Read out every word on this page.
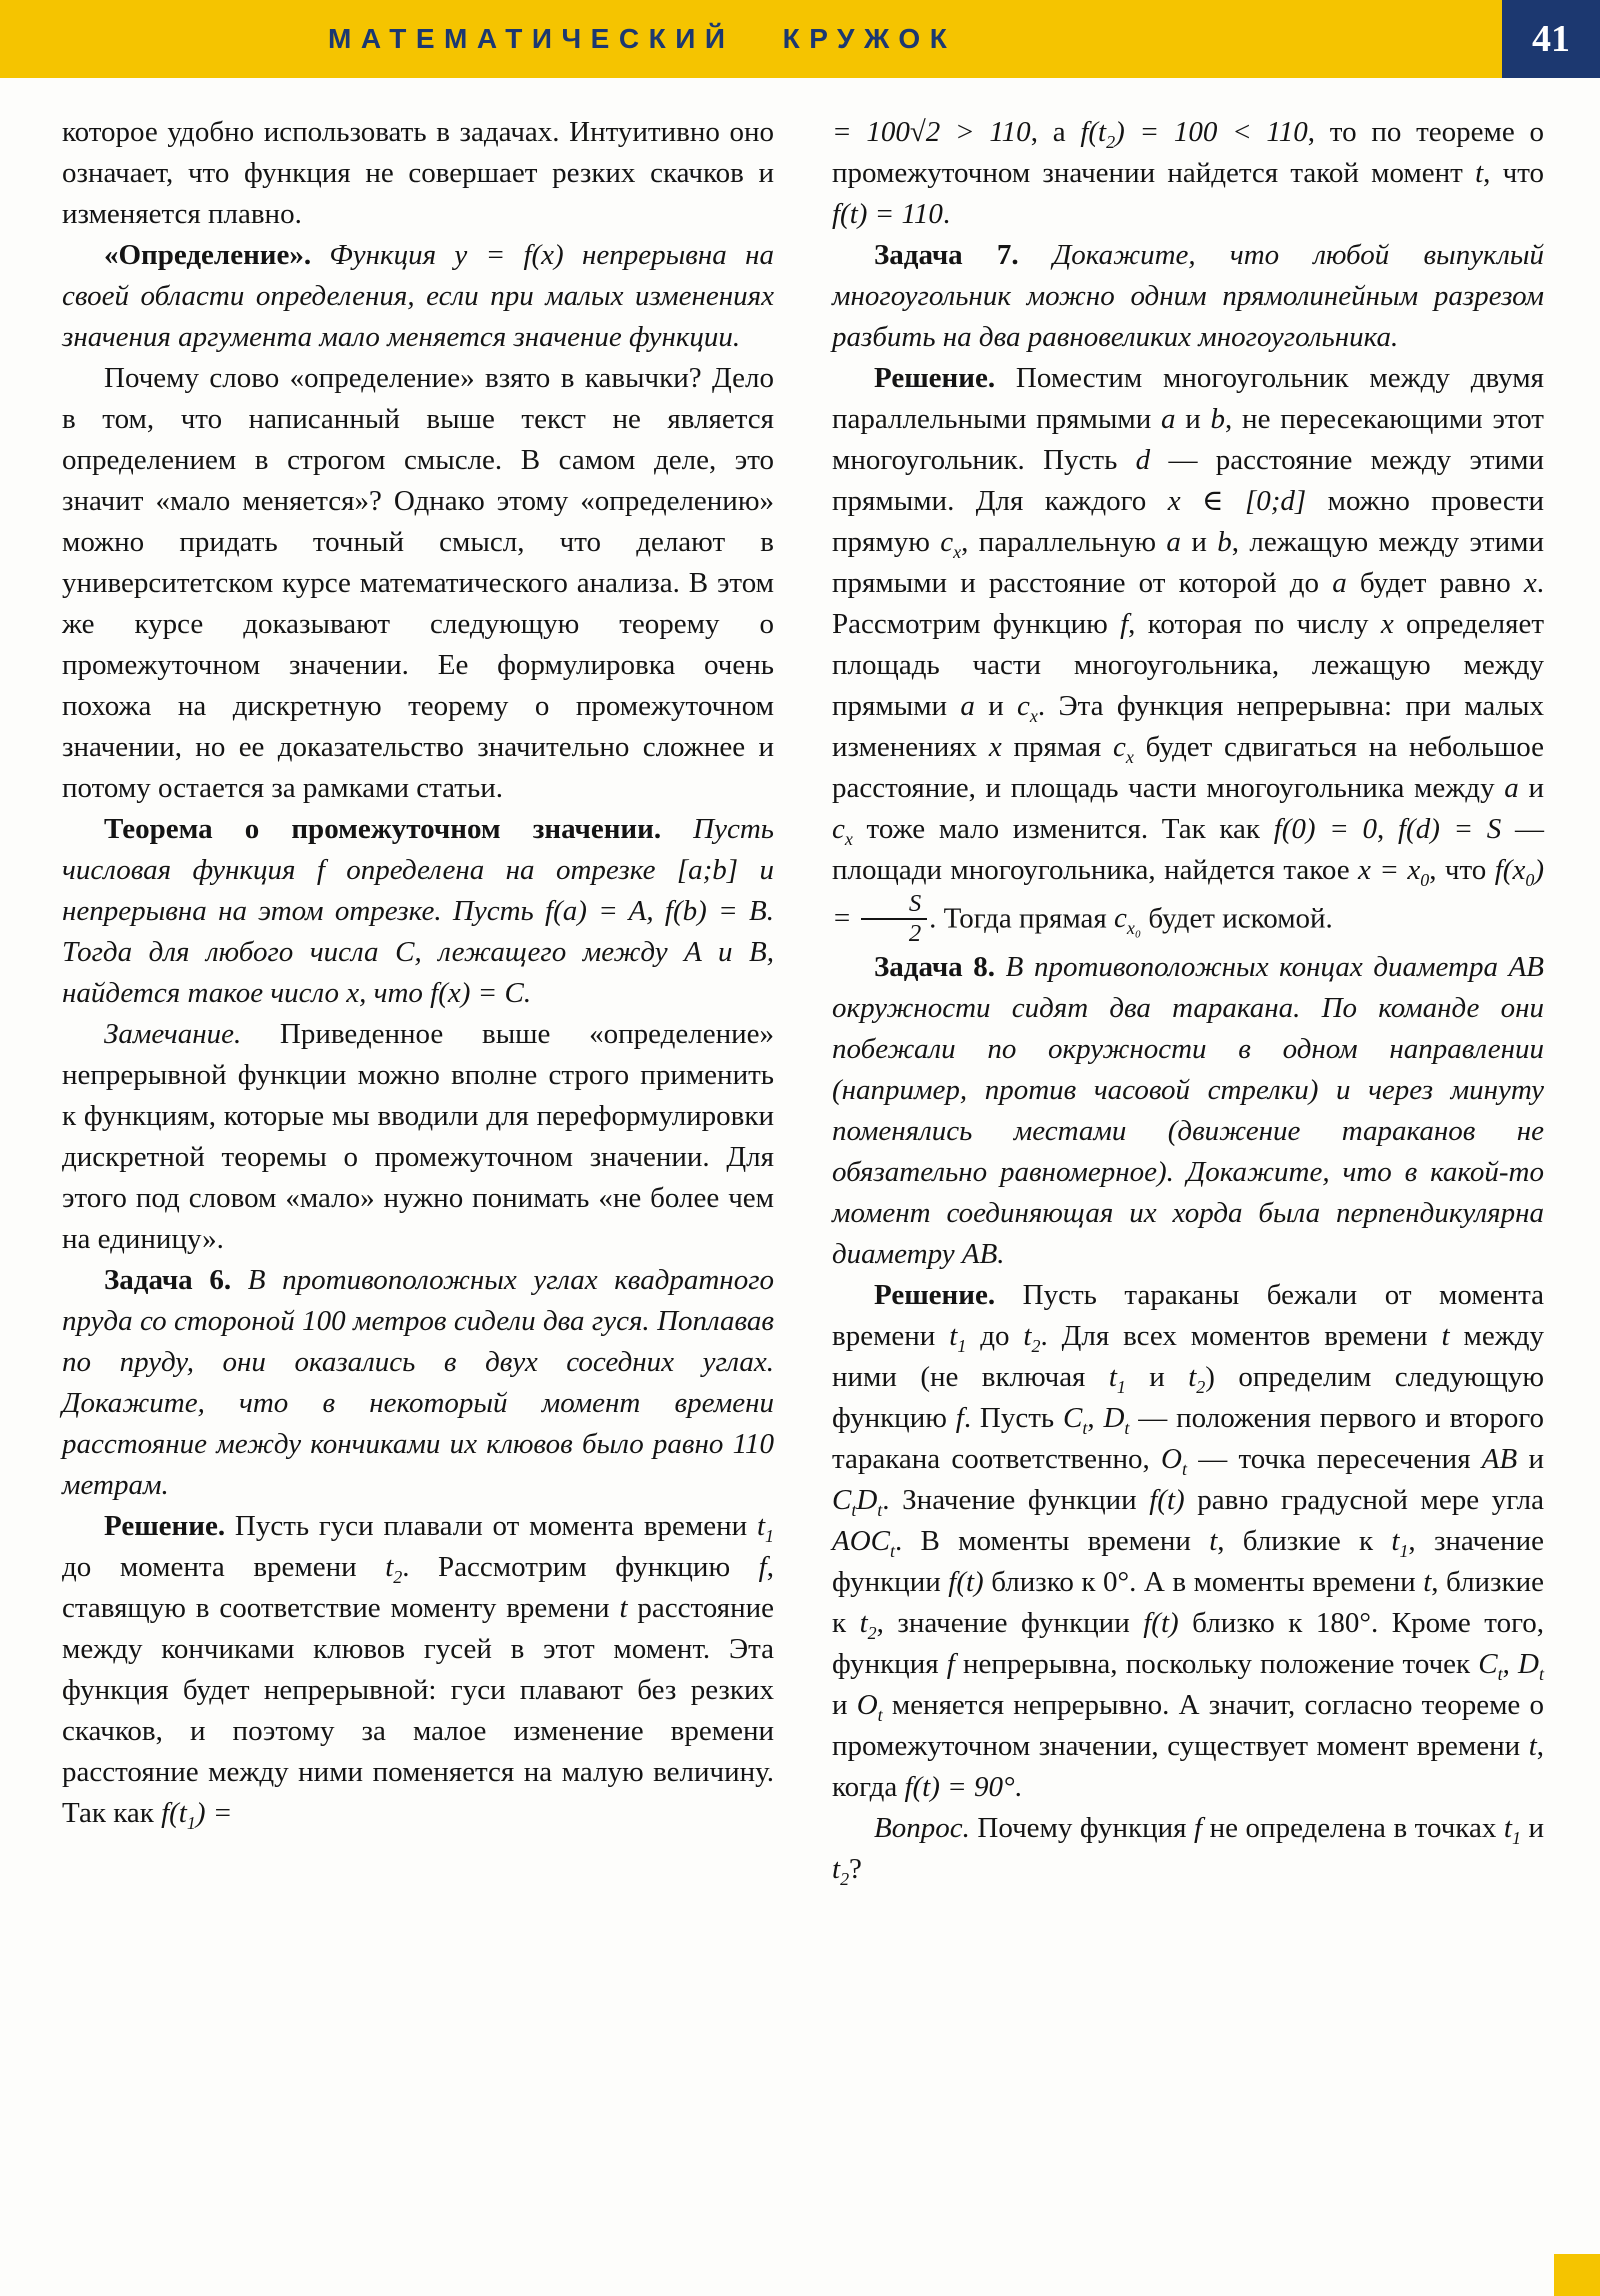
МАТЕМАТИЧЕСКИЙ КРУЖОК	41

которое удобно использовать в задачах. Интуитивно оно означает, что функция не совершает резких скачков и изменяется плавно.

«Определение». Функция y = f(x) непрерывна на своей области определения, если при малых изменениях значения аргумента мало меняется значение функции.

Почему слово «определение» взято в кавычки? Дело в том, что написанный выше текст не является определением в строгом смысле. В самом деле, это значит «мало меняется»? Однако этому «определению» можно придать точный смысл, что делают в университетском курсе математического анализа. В этом же курсе доказывают следующую теорему о промежуточном значении. Ее формулировка очень похожа на дискретную теорему о промежуточном значении, но ее доказательство значительно сложнее и потому остается за рамками статьи.

Теорема о промежуточном значении. Пусть числовая функция f определена на отрезке [a;b] и непрерывна на этом отрезке. Пусть f(a) = A, f(b) = B. Тогда для любого числа C, лежащего между A и B, найдется такое число x, что f(x) = C.

Замечание. Приведенное выше «определение» непрерывной функции можно вполне строго применить к функциям, которые мы вводили для переформулировки дискретной теоремы о промежуточном значении. Для этого под словом «мало» нужно понимать «не более чем на единицу».

Задача 6. В противоположных углах квадратного пруда со стороной 100 метров сидели два гуся. Поплавав по пруду, они оказались в двух соседних углах. Докажите, что в некоторый момент времени расстояние между кончиками их клювов было равно 110 метрам.

Решение. Пусть гуси плавали от момента времени $t_1$ до момента времени $t_2$. Рассмотрим функцию f, ставящую в соответствие моменту времени t расстояние между кончиками клювов гусей в этот момент. Эта функция будет непрерывной: гуси плавают без резких скачков, и поэтому за малое изменение времени расстояние между ними поменяется на малую величину. Так как $f(t_1)$ =

= 100√2 > 110, а $f(t_2) = 100 < 110$, то по теореме о промежуточном значении найдется такой момент t, что f(t) = 110.

Задача 7. Докажите, что любой выпуклый многоугольник можно одним прямолинейным разрезом разбить на два равновеликих многоугольника.

Решение. Поместим многоугольник между двумя параллельными прямыми a и b, не пересекающими этот многоугольник. Пусть d — расстояние между этими прямыми. Для каждого x ∈ [0;d] можно провести прямую $c_x$, параллельную a и b, лежащую между этими прямыми и расстояние от которой до a будет равно x. Рассмотрим функцию f, которая по числу x определяет площадь части многоугольника, лежащую между прямыми a и $c_x$. Эта функция непрерывна: при малых изменениях x прямая $c_x$ будет сдвигаться на небольшое расстояние, и площадь части многоугольника между a и $c_x$ тоже мало изменится. Так как f(0) = 0, f(d) = S — площади многоугольника, найдется такое $x = x_0$, что $f(x_0) = \frac{S}{2}$ . Тогда прямая $c_{x_0}$ будет искомой.

Задача 8. В противоположных концах диаметра AB окружности сидят два таракана. По команде они побежали по окружности в одном направлении (например, против часовой стрелки) и через минуту поменялись местами (движение тараканов не обязательно равномерное). Докажите, что в какой-то момент соединяющая их хорда была перпендикулярна диаметру AB.

Решение. Пусть тараканы бежали от момента времени $t_1$ до $t_2$. Для всех моментов времени t между ними (не включая $t_1$ и $t_2$) определим следующую функцию f. Пусть $C_t$, $D_t$ — положения первого и второго таракана соответственно, $O_t$ — точка пересечения AB и $C_tD_t$. Значение функции f(t) равно градусной мере угла $AOC_t$. В моменты времени t, близкие к $t_1$, значение функции f(t) близко к 0°. А в моменты времени t, близкие к $t_2$, значение функции f(t) близко к 180°. Кроме того, функция f непрерывна, поскольку положение точек $C_t$, $D_t$ и $O_t$ меняется непрерывно. А значит, согласно теореме о промежуточном значении, существует момент времени t, когда f(t) = 90°.

Вопрос. Почему функция f не определена в точках $t_1$ и $t_2$?
